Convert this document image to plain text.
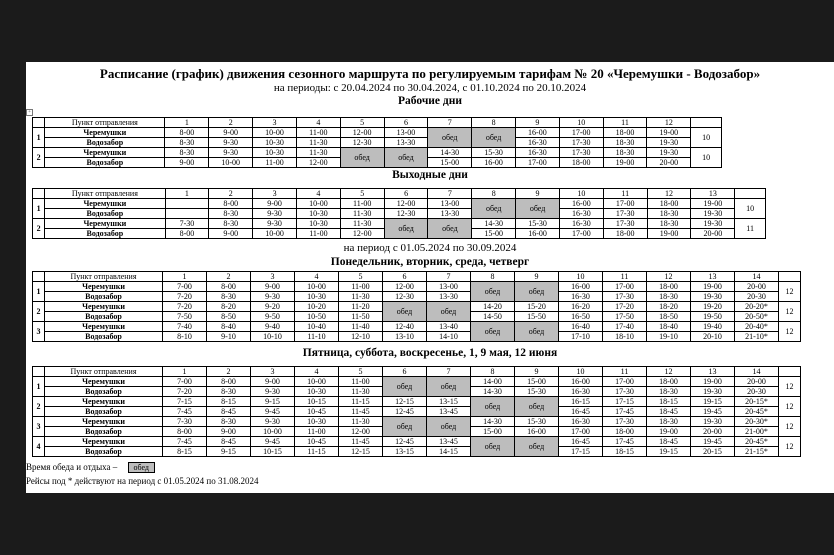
+
Расписание (график) движения сезонного маршрута по регулируемым тарифам № 20 «Черемушки - Водозабор»
на периоды: с 20.04.2024 по 30.04.2024, с 01.10.2024 по 20.10.2024
Рабочие дни
	Пункт отправления	1	2	3	4	5	6	7	8	9	10	11	12	
1	Черемушки	8-00	9-00	10-00	11-00	12-00	13-00	обед	обед	16-00	17-00	18-00	19-00	10
	Водозабор	8-30	9-30	10-30	11-30	12-30	13-30			16-30	17-30	18-30	19-30	
2	Черемушки	8-30	9-30	10-30	11-30	обед	обед	14-30	15-30	16-30	17-30	18-30	19-30	10
	Водозабор	9-00	10-00	11-00	12-00			15-00	16-00	17-00	18-00	19-00	20-00	
Выходные дни
	Пункт отправления	1	2	3	4	5	6	7	8	9	10	11	12	13	
1	Черемушки		8-00	9-00	10-00	11-00	12-00	13-00	обед	обед	16-00	17-00	18-00	19-00	10
	Водозабор		8-30	9-30	10-30	11-30	12-30	13-30			16-30	17-30	18-30	19-30	
2	Черемушки	7-30	8-30	9-30	10-30	11-30	обед	обед	14-30	15-30	16-30	17-30	18-30	19-30	11
	Водозабор	8-00	9-00	10-00	11-00	12-00			15-00	16-00	17-00	18-00	19-00	20-00	
на период с 01.05.2024 по 30.09.2024
Понедельник, вторник, среда, четверг
	Пункт отправления	1	2	3	4	5	6	7	8	9	10	11	12	13	14	
1	Черемушки	7-00	8-00	9-00	10-00	11-00	12-00	13-00	обед	обед	16-00	17-00	18-00	19-00	20-00	12
	Водозабор	7-20	8-30	9-30	10-30	11-30	12-30	13-30			16-30	17-30	18-30	19-30	20-30	
2	Черемушки	7-20	8-20	9-20	10-20	11-20	обед	обед	14-20	15-20	16-20	17-20	18-20	19-20	20-20*	12
	Водозабор	7-50	8-50	9-50	10-50	11-50			14-50	15-50	16-50	17-50	18-50	19-50	20-50*	
3	Черемушки	7-40	8-40	9-40	10-40	11-40	12-40	13-40	обед	обед	16-40	17-40	18-40	19-40	20-40*	12
	Водозабор	8-10	9-10	10-10	11-10	12-10	13-10	14-10			17-10	18-10	19-10	20-10	21-10*	
Пятница, суббота, воскресенье, 1, 9 мая, 12 июня
	Пункт отправления	1	2	3	4	5	6	7	8	9	10	11	12	13	14	
1	Черемушки	7-00	8-00	9-00	10-00	11-00	обед	обед	14-00	15-00	16-00	17-00	18-00	19-00	20-00	12
	Водозабор	7-20	8-30	9-30	10-30	11-30			14-30	15-30	16-30	17-30	18-30	19-30	20-30	
2	Черемушки	7-15	8-15	9-15	10-15	11-15	12-15	13-15	обед	обед	16-15	17-15	18-15	19-15	20-15*	12
	Водозабор	7-45	8-45	9-45	10-45	11-45	12-45	13-45			16-45	17-45	18-45	19-45	20-45*	
3	Черемушки	7-30	8-30	9-30	10-30	11-30	обед	обед	14-30	15-30	16-30	17-30	18-30	19-30	20-30*	12
	Водозабор	8-00	9-00	10-00	11-00	12-00			15-00	16-00	17-00	18-00	19-00	20-00	21-00*	
4	Черемушки	7-45	8-45	9-45	10-45	11-45	12-45	13-45	обед	обед	16-45	17-45	18-45	19-45	20-45*	12
	Водозабор	8-15	9-15	10-15	11-15	12-15	13-15	14-15			17-15	18-15	19-15	20-15	21-15*	
Время обеда и отдыха – обед
Рейсы под * действуют на период с 01.05.2024 по 31.08.2024
